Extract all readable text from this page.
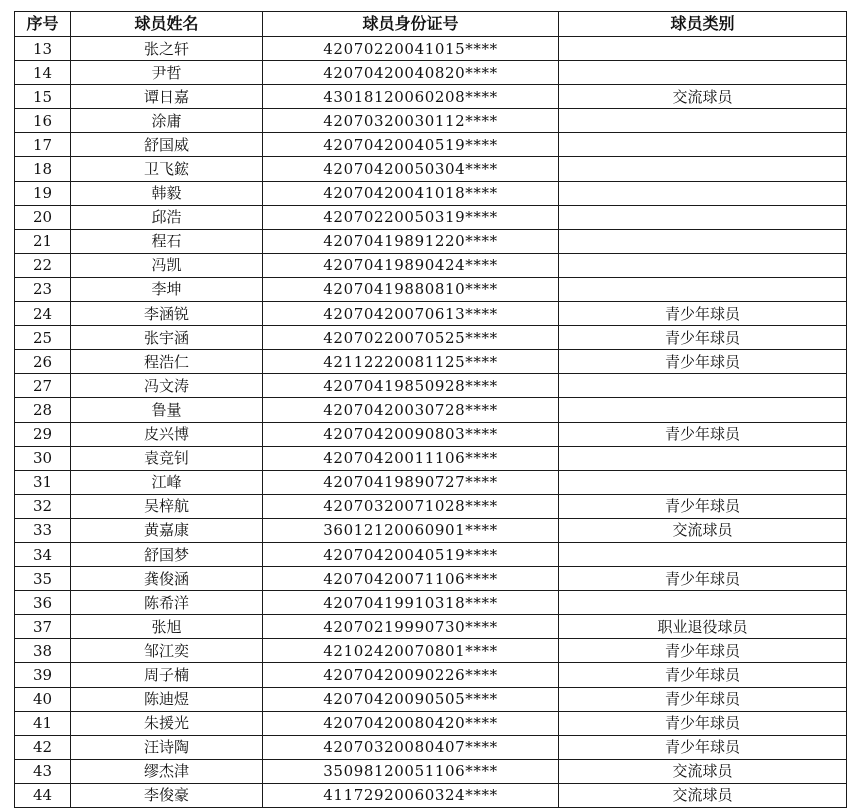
序号	球员姓名	球员身份证号	球员类别
13	张之轩	42070220041015****	
14	尹哲	42070420040820****	
15	谭日嘉	43018120060208****	交流球员
16	涂庸	42070320030112****	
17	舒国威	42070420040519****	
18	卫飞鋐	42070420050304****	
19	韩毅	42070420041018****	
20	邱浩	42070220050319****	
21	程石	42070419891220****	
22	冯凯	42070419890424****	
23	李坤	42070419880810****	
24	李涵锐	42070420070613****	青少年球员
25	张宇涵	42070220070525****	青少年球员
26	程浩仁	42112220081125****	青少年球员
27	冯文涛	42070419850928****	
28	鲁量	42070420030728****	
29	皮兴博	42070420090803****	青少年球员
30	袁竞钊	42070420011106****	
31	江峰	42070419890727****	
32	吴梓航	42070320071028****	青少年球员
33	黄嘉康	36012120060901****	交流球员
34	舒国梦	42070420040519****	
35	龚俊涵	42070420071106****	青少年球员
36	陈希洋	42070419910318****	
37	张旭	42070219990730****	职业退役球员
38	邹江奕	42102420070801****	青少年球员
39	周子楠	42070420090226****	青少年球员
40	陈迪煜	42070420090505****	青少年球员
41	朱援光	42070420080420****	青少年球员
42	汪诗陶	42070320080407****	青少年球员
43	缪杰津	35098120051106****	交流球员
44	李俊豪	41172920060324****	交流球员
